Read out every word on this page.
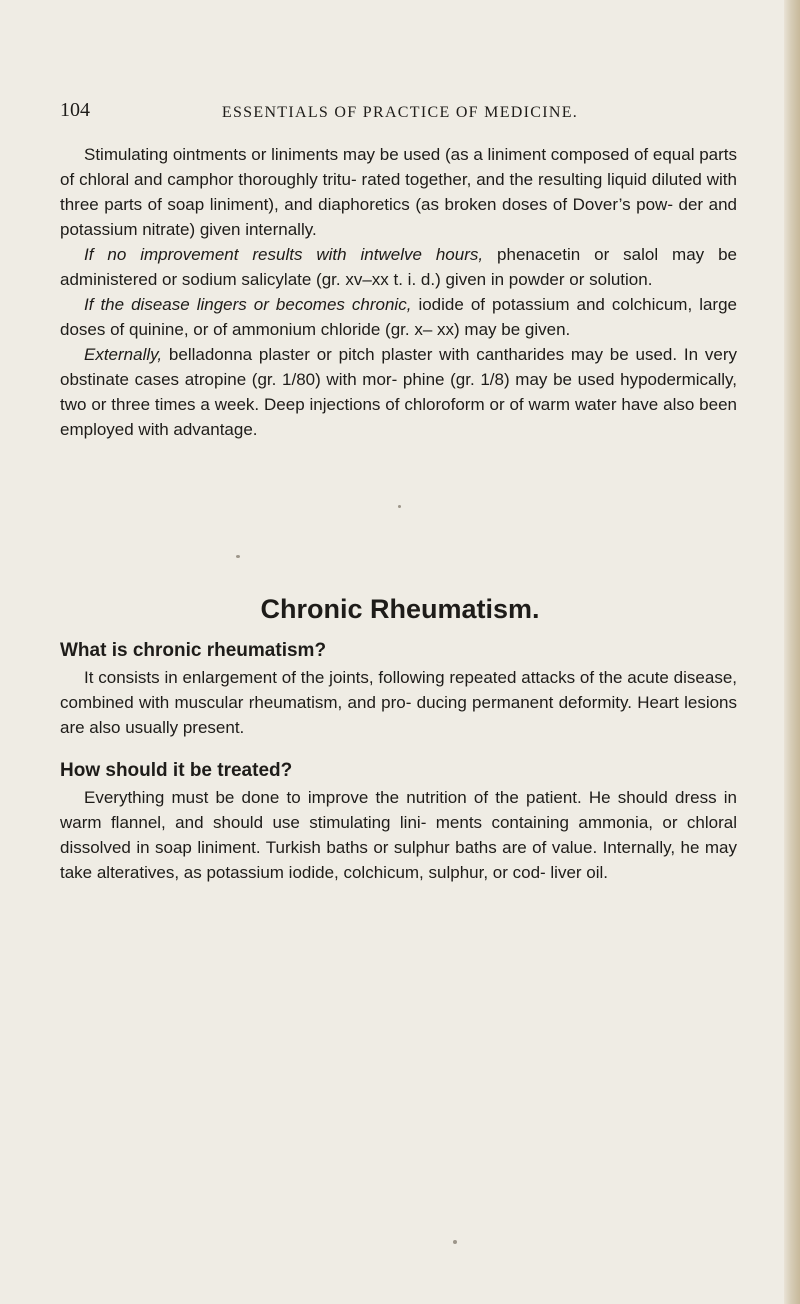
104	ESSENTIALS OF PRACTICE OF MEDICINE.

Stimulating ointments or liniments may be used (as a liniment composed of equal parts of chloral and camphor thoroughly tritu- rated together, and the resulting liquid diluted with three parts of soap liniment), and diaphoretics (as broken doses of Dover’s pow- der and potassium nitrate) given internally.

If no improvement results with intwelve hours, phenacetin or salol may be administered or sodium salicylate (gr. xv–xx t. i. d.) given in powder or solution.

If the disease lingers or becomes chronic, iodide of potassium and colchicum, large doses of quinine, or of ammonium chloride (gr. x– xx) may be given.

Externally, belladonna plaster or pitch plaster with cantharides may be used. In very obstinate cases atropine (gr. 1/80) with mor- phine (gr. 1/8) may be used hypodermically, two or three times a week. Deep injections of chloroform or of warm water have also been employed with advantage.

Chronic Rheumatism.
What is chronic rheumatism?

It consists in enlargement of the joints, following repeated attacks of the acute disease, combined with muscular rheumatism, and pro- ducing permanent deformity. Heart lesions are also usually present.

How should it be treated?

Everything must be done to improve the nutrition of the patient. He should dress in warm flannel, and should use stimulating lini- ments containing ammonia, or chloral dissolved in soap liniment. Turkish baths or sulphur baths are of value. Internally, he may take alteratives, as potassium iodide, colchicum, sulphur, or cod- liver oil.
